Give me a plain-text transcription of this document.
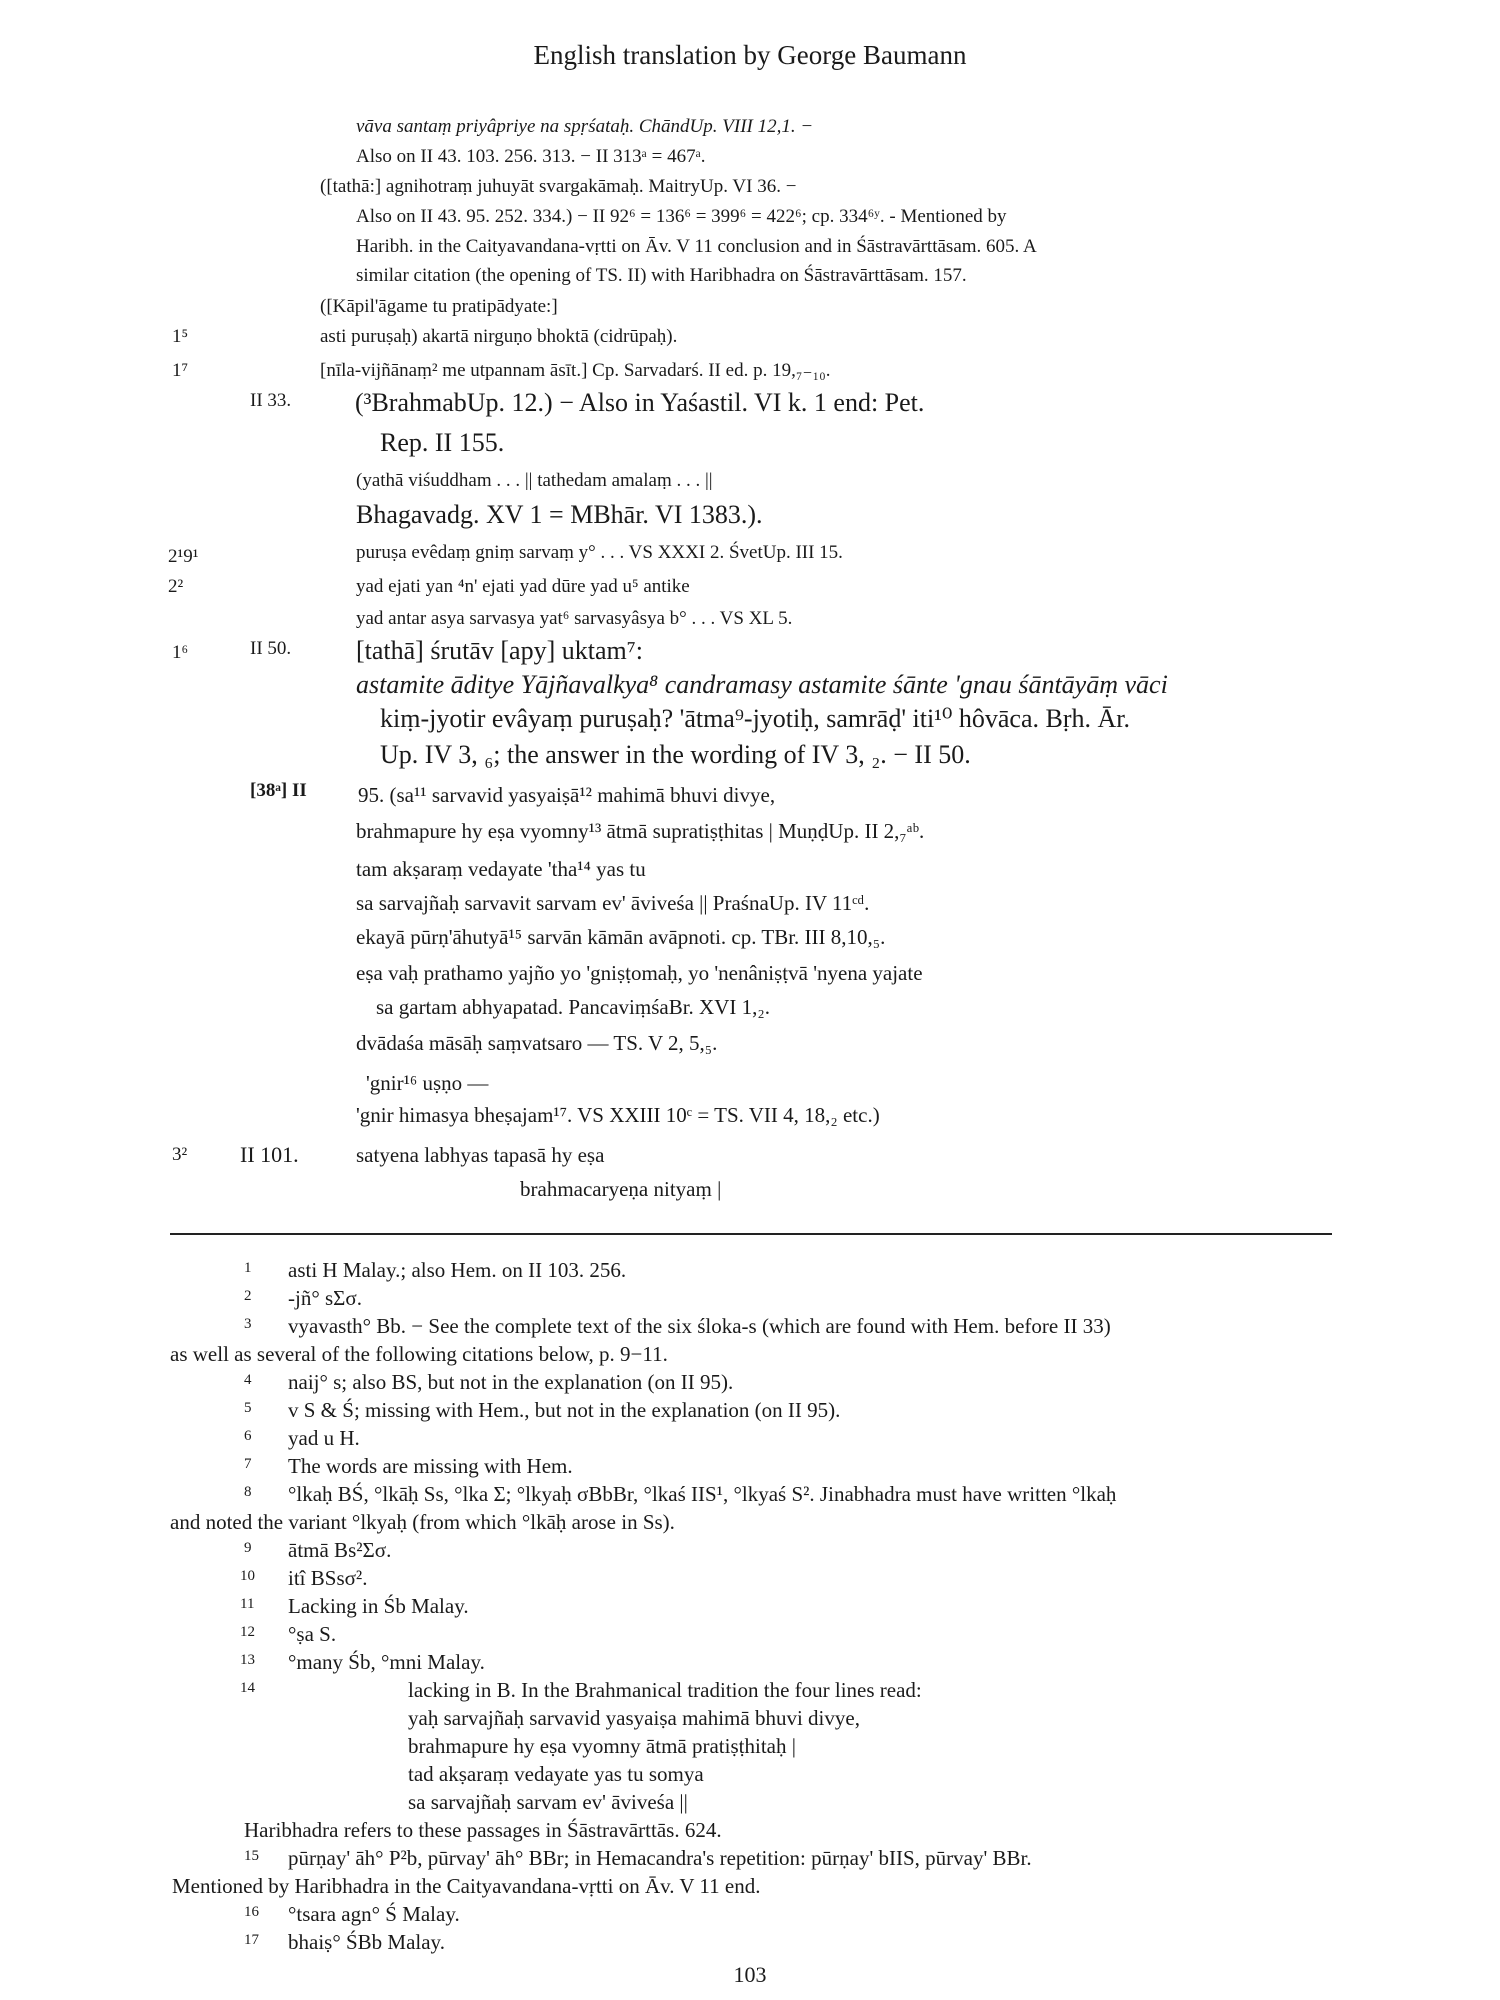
English translation by George Baumann
vāva santaṃ priyâpriye na spṛśataḥ. ChāndUp. VIII 12,1. −
Also on II 43. 103. 256. 313. − II 313ᵃ = 467ᵃ.
([tathā:] agnihotraṃ juhuyāt svargakāmaḥ. MaitryUp. VI 36. −
Also on II 43. 95. 252. 334.) − II 92⁶ = 136⁶ = 399⁶ = 422⁶; cp. 334⁶ʸ. - Mentioned by
Haribh. in the Caityavandana-vṛtti on Āv. V 11 conclusion and in Śāstravārttāsam. 605. A
similar citation (the opening of TS. II) with Haribhadra on Śāstravārttāsam. 157.
([Kāpil'āgame tu pratipādyate:]
1⁵	asti puruṣaḥ) akartā nirguṇo bhoktā (cidrūpaḥ).
1⁷	[nīla-vijñānaṃ² me utpannam āsīt.] Cp. Sarvadarś. II ed. p. 19,₇₋₁₀.
II 33. (³BrahmabUp. 12.) − Also in Yaśastil. VI k. 1 end: Pet.
Rep. II 155.
(yathā viśuddham . . . || tathedam amalaṃ . . . ||
Bhagavadg. XV 1 = MBhār. VI 1383.).
2¹9¹	puruṣa evêdaṃ gniṃ sarvaṃ y° . . . VS XXXI 2. ŚvetUp. III 15.
2²	yad ejati yan ⁴n' ejati yad dūre yad u⁵ antike
yad antar asya sarvasya yat⁶ sarvasyâsya b° . . . VS XL 5.
1⁶	II 50. [tathā] śrutāv [apy] uktam⁷:
astamite āditye Yājñavalkya⁸ candramasy astamite śānte 'gnau śāntāyāṃ vāci
kiṃ-jyotir evâyaṃ puruṣaḥ? 'ātma⁹-jyotiḥ, samrāḍ' iti¹⁰ hôvāca. Bṛh. Ār.
Up. IV 3, ₆; the answer in the wording of IV 3, ₂. − II 50.
[38ᵃ] II 95. (sa¹¹ sarvavid yasyaiṣā¹² mahimā bhuvi divye,
brahmapure hy eṣa vyomny¹³ ātmā supratiṣṭhitas | MuṇḍUp. II 2,₇ᵃᵇ.
tam akṣaraṃ vedayate 'tha¹⁴ yas tu
sa sarvajñaḥ sarvavit sarvam ev' āviveśa || PraśnaUp. IV 11ᶜᵈ.
ekayā pūrṇ'āhutyā¹⁵ sarvān kāmān avāpnoti. cp. TBr. III 8,10,₅.
eṣa vaḥ prathamo yajño yo 'gniṣṭomaḥ, yo 'nenâniṣṭvā 'nyena yajate
sa gartam abhyapatad. PancaviṃśaBr. XVI 1,₂.
dvādaśa māsāḥ saṃvatsaro — TS. V 2, 5,₅.
'gnir¹⁶ uṣṇo —
'gnir himasya bheṣajam¹⁷. VS XXIII 10ᶜ = TS. VII 4, 18,₂ etc.)
3² II 101.	satyena labhyas tapasā hy eṣa
brahmacaryeṇa nityaṃ |
1 asti H Malay.; also Hem. on II 103. 256.
2 -jñ° sΣσ.
3 vyavasth° Bb. − See the complete text of the six śloka-s (which are found with Hem. before II 33)
as well as several of the following citations below, p. 9−11.
4 naij° s; also BS, but not in the explanation (on II 95).
5 v S & Ś; missing with Hem., but not in the explanation (on II 95).
6 yad u H.
7 The words are missing with Hem.
8 °lkaḥ BŚ, °lkāḥ Ss, °lka Σ; °lkyaḥ σBbBr, °lkaś IIS¹, °lkyaś S². Jinabhadra must have written °lkaḥ
and noted the variant °lkyaḥ (from which °lkāḥ arose in Ss).
9 ātmā Bs²Σσ.
10 itî BSsσ².
11 Lacking in Śb Malay.
12 °ṣa S.
13 °many Śb, °mni Malay.
14	lacking in B. In the Brahmanical tradition the four lines read:
yaḥ sarvajñaḥ sarvavid yasyaiṣa mahimā bhuvi divye,
brahmapure hy eṣa vyomny ātmā pratiṣṭhitaḥ |
tad akṣaraṃ vedayate yas tu somya
sa sarvajñaḥ sarvam ev' āviveśa ||
Haribhadra refers to these passages in Śāstravārttās. 624.
15 pūrṇay' āh° P²b, pūrvay' āh° BBr; in Hemacandra's repetition: pūrṇay' bIIS, pūrvay' BBr.
Mentioned by Haribhadra in the Caityavandana-vṛtti on Āv. V 11 end.
16 °tsara agn° Ś Malay.
17 bhaiṣ° ŚBb Malay.
103
